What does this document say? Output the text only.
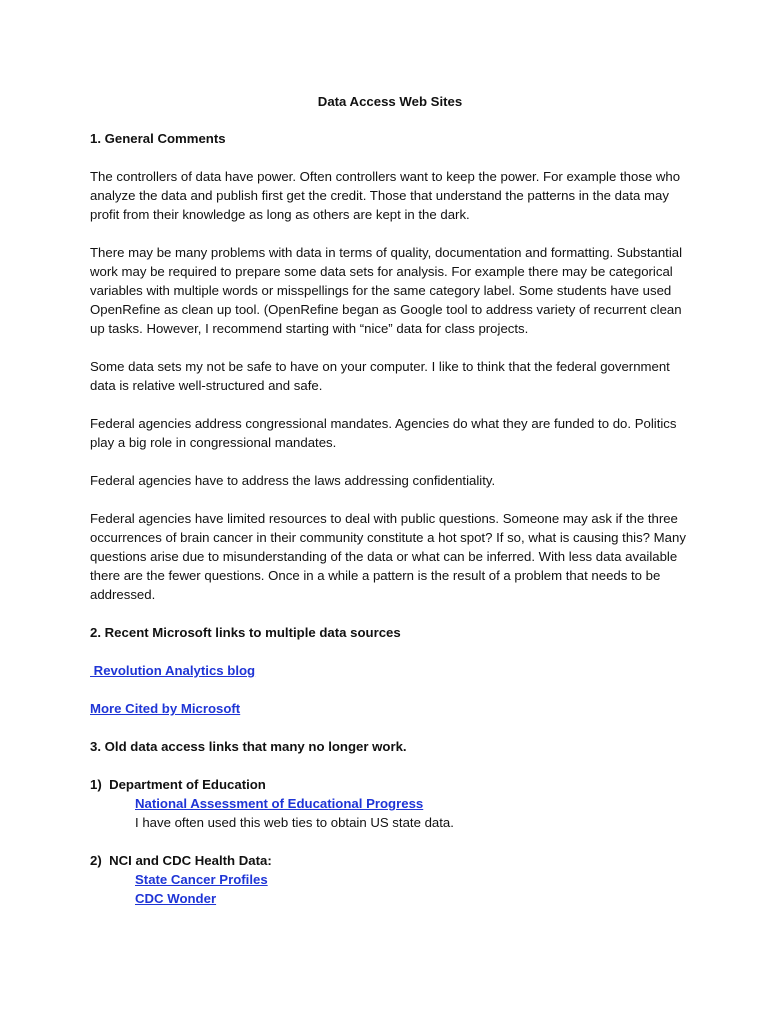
Data Access Web Sites
1. General Comments

The controllers of data have power. Often controllers want to keep the power. For example those who analyze the data and publish first get the credit. Those that understand the patterns in the data may profit from their knowledge as long as others are kept in the dark.

There may be many problems with data in terms of quality, documentation and formatting. Substantial work may be required to prepare some data sets for analysis. For example there may be categorical variables with multiple words or misspellings for the same category label. Some students have used OpenRefine as clean up tool. (OpenRefine began as Google tool to address variety of recurrent clean up tasks. However, I recommend starting with “nice” data for class projects.

Some data sets my not be safe to have on your computer. I like to think that the federal government data is relative well-structured and safe.

Federal agencies address congressional mandates. Agencies do what they are funded to do. Politics play a big role in congressional mandates.

Federal agencies have to address the laws addressing confidentiality.

Federal agencies have limited resources to deal with public questions. Someone may ask if the three occurrences of brain cancer in their community constitute a hot spot? If so, what is causing this? Many questions arise due to misunderstanding of the data or what can be inferred. With less data available there are the fewer questions. Once in a while a pattern is the result of a problem that needs to be addressed.

2. Recent Microsoft links to multiple data sources
Revolution Analytics blog
More Cited by Microsoft
3. Old data access links that many no longer work.
1) Department of Education
National Assessment of Educational Progress
I have often used this web ties to obtain US state data.
2) NCI and CDC Health Data:
State Cancer Profiles
CDC Wonder
